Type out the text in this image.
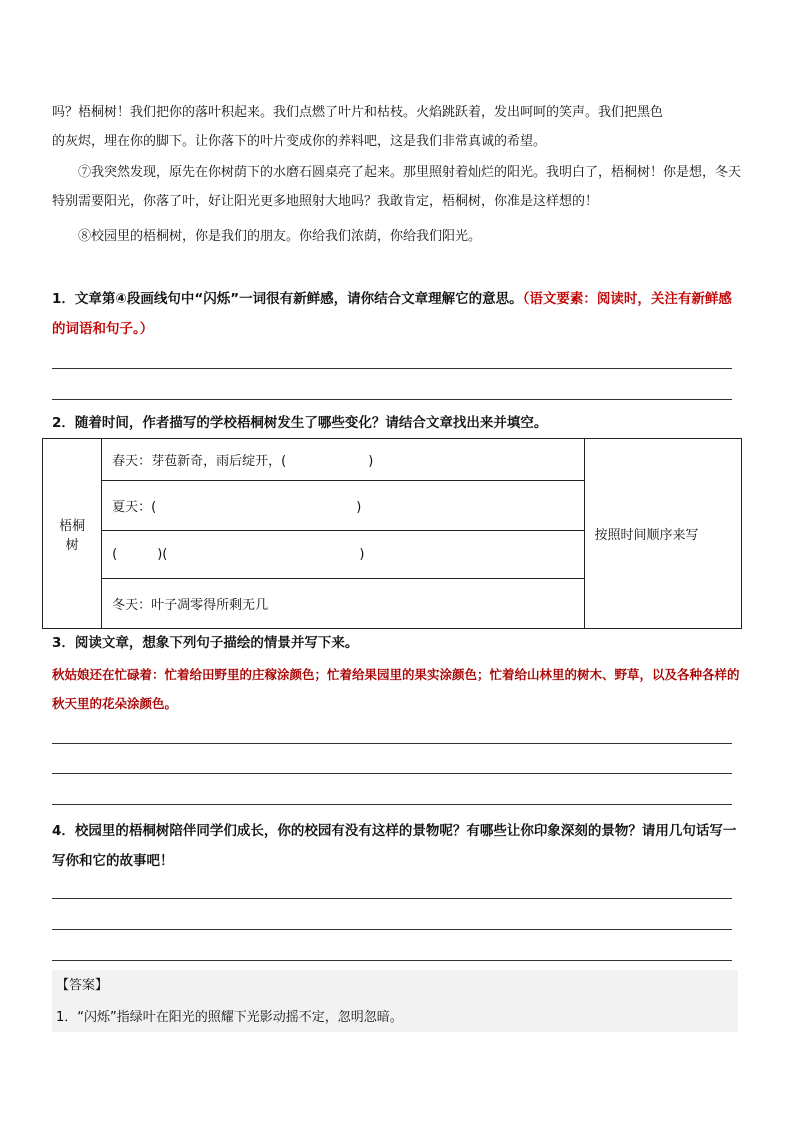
吗？梧桐树！我们把你的落叶积起来。我们点燃了叶片和枯枝。火焰跳跃着，发出呵呵的笑声。我们把黑色

的灰烬，埋在你的脚下。让你落下的叶片变成你的养料吧，这是我们非常真诚的希望。

⑦我突然发现，原先在你树荫下的水磨石圆桌亮了起来。那里照射着灿烂的阳光。我明白了，梧桐树！你是想，冬天特别需要阳光，你落了叶，好让阳光更多地照射大地吗？我敢肯定，梧桐树，你准是这样想的！

⑧校园里的梧桐树，你是我们的朋友。你给我们浓荫，你给我们阳光。

1．文章第④段画线句中“闪烁”一词很有新鲜感，请你结合文章理解它的意思。（语文要素：阅读时，关注有新鲜感的词语和句子。）

2．随着时间，作者描写的学校梧桐树发生了哪些变化？请结合文章找出来并填空。

梧桐树	春天：芽苞新奇，雨后绽开，(	)	按照时间顺序来写
夏天：(	)
(	)(	)
冬天：叶子凋零得所剩无几

3．阅读文章，想象下列句子描绘的情景并写下来。

秋姑娘还在忙碌着：忙着给田野里的庄稼涂颜色；忙着给果园里的果实涂颜色；忙着给山林里的树木、野草，以及各种各样的秋天里的花朵涂颜色。

4．校园里的梧桐树陪伴同学们成长，你的校园有没有这样的景物呢？有哪些让你印象深刻的景物？请用几句话写一写你和它的故事吧！

【答案】
1．“闪烁”指绿叶在阳光的照耀下光影动摇不定，忽明忽暗。
